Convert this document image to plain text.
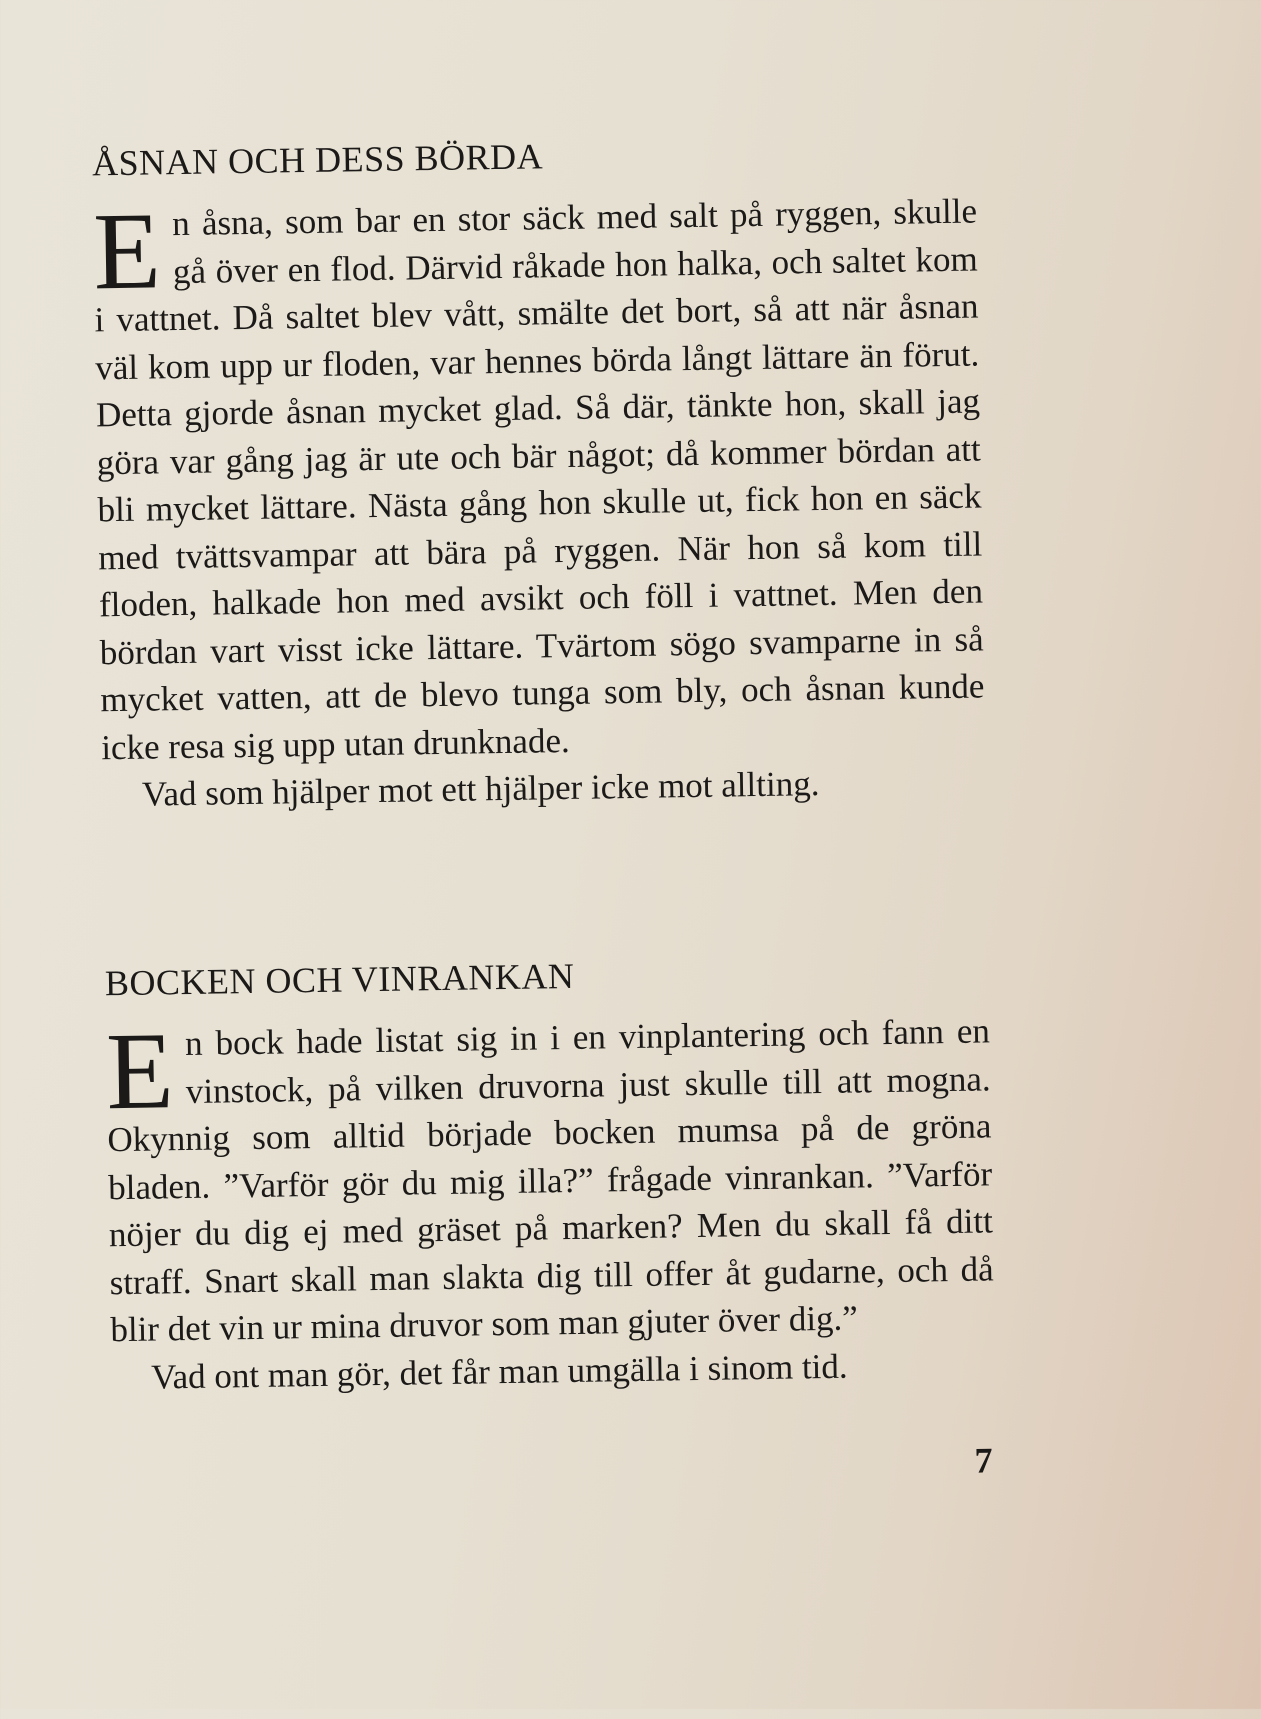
ÅSNAN OCH DESS BÖRDA

E n åsna, som bar en stor säck med salt på ryggen, skulle gå över en flod. Därvid råkade hon halka, och saltet kom i vattnet. Då saltet blev vått, smälte det bort, så att när åsnan väl kom upp ur floden, var hennes börda långt lättare än förut. Detta gjorde åsnan mycket glad. Så där, tänkte hon, skall jag göra var gång jag är ute och bär något; då kommer bördan att bli mycket lättare. Nästa gång hon skulle ut, fick hon en säck med tvättsvampar att bära på ryggen. När hon så kom till floden, halkade hon med avsikt och föll i vattnet. Men den bördan vart visst icke lättare. Tvärtom sögo svamparne in så mycket vatten, att de blevo tunga som bly, och åsnan kunde icke resa sig upp utan drunknade.

Vad som hjälper mot ett hjälper icke mot allting.

BOCKEN OCH VINRANKAN

E n bock hade listat sig in i en vinplantering och fann en vinstock, på vilken druvorna just skulle till att mogna. Okynnig som alltid började bocken mumsa på de gröna bladen. ”Varför gör du mig illa?” frågade vinrankan. ”Varför nöjer du dig ej med gräset på marken? Men du skall få ditt straff. Snart skall man slakta dig till offer åt gudarne, och då blir det vin ur mina druvor som man gjuter över dig.”

Vad ont man gör, det får man umgälla i sinom tid.

7
